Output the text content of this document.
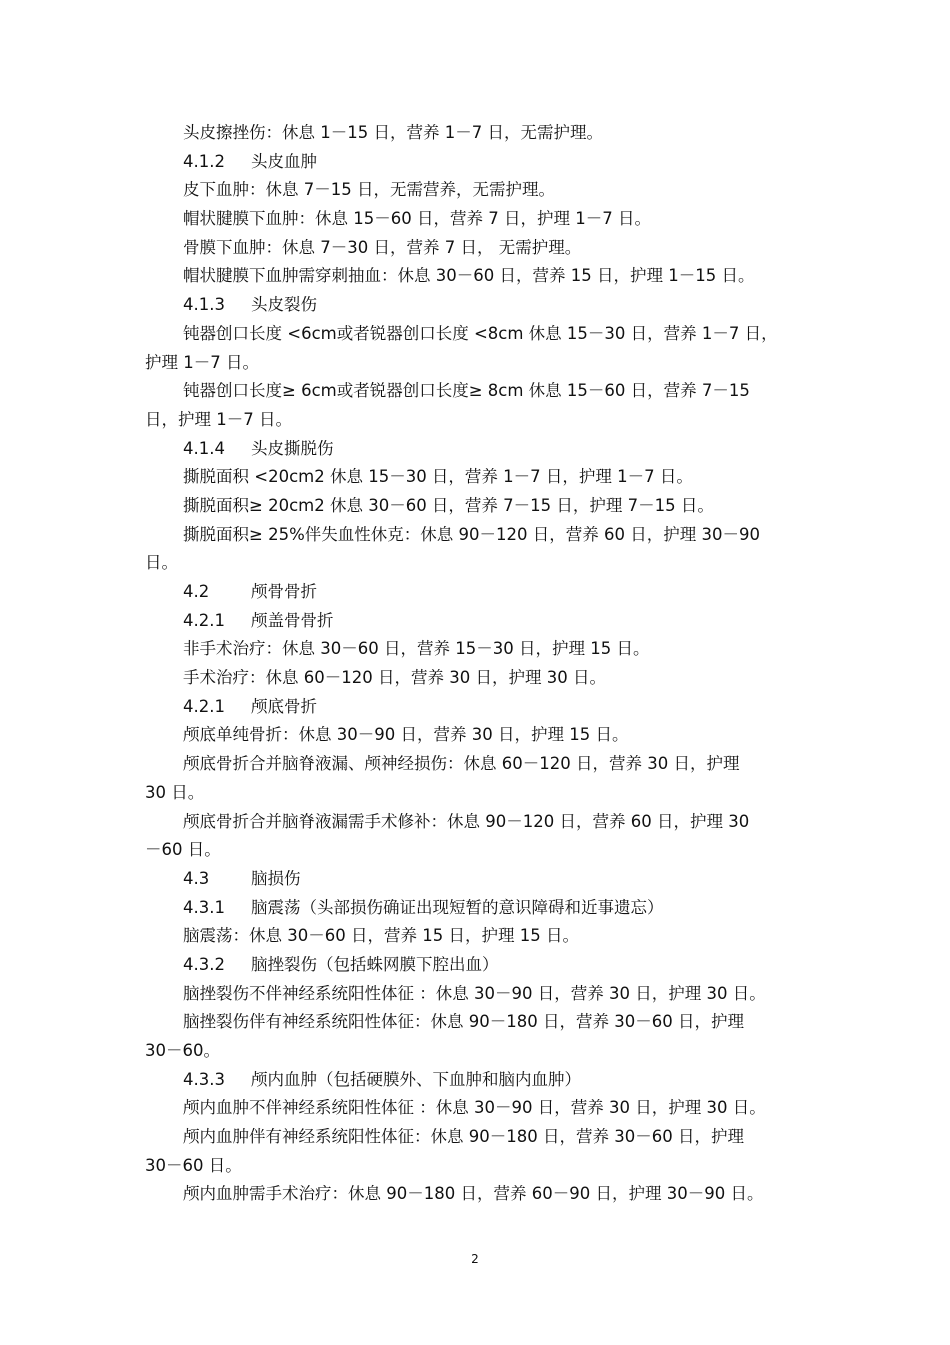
头皮擦挫伤：休息 1－15 日，营养 1－7 日，无需护理。
4.1.2 头皮血肿
皮下血肿：休息 7－15 日，无需营养，无需护理。
帽状腱膜下血肿：休息 15－60 日，营养 7 日，护理 1－7 日。
骨膜下血肿：休息 7－30 日，营养 7 日， 无需护理。
帽状腱膜下血肿需穿刺抽血：休息 30－60 日，营养 15 日，护理 1－15 日。
4.1.3 头皮裂伤
钝器创口长度 <6cm或者锐器创口长度 <8cm 休息 15－30 日，营养 1－7 日，
护理 1－7 日。
钝器创口长度≥ 6cm或者锐器创口长度≥ 8cm 休息 15－60 日，营养 7－15
日，护理 1－7 日。
4.1.4 头皮撕脱伤
撕脱面积 <20cm2 休息 15－30 日，营养 1－7 日，护理 1－7 日。
撕脱面积≥ 20cm2 休息 30－60 日，营养 7－15 日，护理 7－15 日。
撕脱面积≥ 25%伴失血性休克：休息 90－120 日，营养 60 日，护理 30－90
日。
4.2	颅骨骨折
4.2.1 颅盖骨骨折
非手术治疗：休息 30－60 日，营养 15－30 日，护理 15 日。
手术治疗：休息 60－120 日，营养 30 日，护理 30 日。
4.2.1 颅底骨折
颅底单纯骨折：休息 30－90 日，营养 30 日，护理 15 日。
颅底骨折合并脑脊液漏、颅神经损伤：休息 60－120 日，营养 30 日，护理
30 日。
颅底骨折合并脑脊液漏需手术修补：休息 90－120 日，营养 60 日，护理 30
－60 日。
4.3	脑损伤
4.3.1 脑震荡（头部损伤确证出现短暂的意识障碍和近事遗忘）
脑震荡：休息 30－60 日，营养 15 日，护理 15 日。
4.3.2 脑挫裂伤（包括蛛网膜下腔出血）
脑挫裂伤不伴神经系统阳性体征 ：休息 30－90 日，营养 30 日，护理 30 日。
脑挫裂伤伴有神经系统阳性体征：休息 90－180 日，营养 30－60 日，护理
30－60。
4.3.3 颅内血肿（包括硬膜外、下血肿和脑内血肿）
颅内血肿不伴神经系统阳性体征 ：休息 30－90 日，营养 30 日，护理 30 日。
颅内血肿伴有神经系统阳性体征：休息 90－180 日，营养 30－60 日，护理
30－60 日。
颅内血肿需手术治疗：休息 90－180 日，营养 60－90 日，护理 30－90 日。
2
